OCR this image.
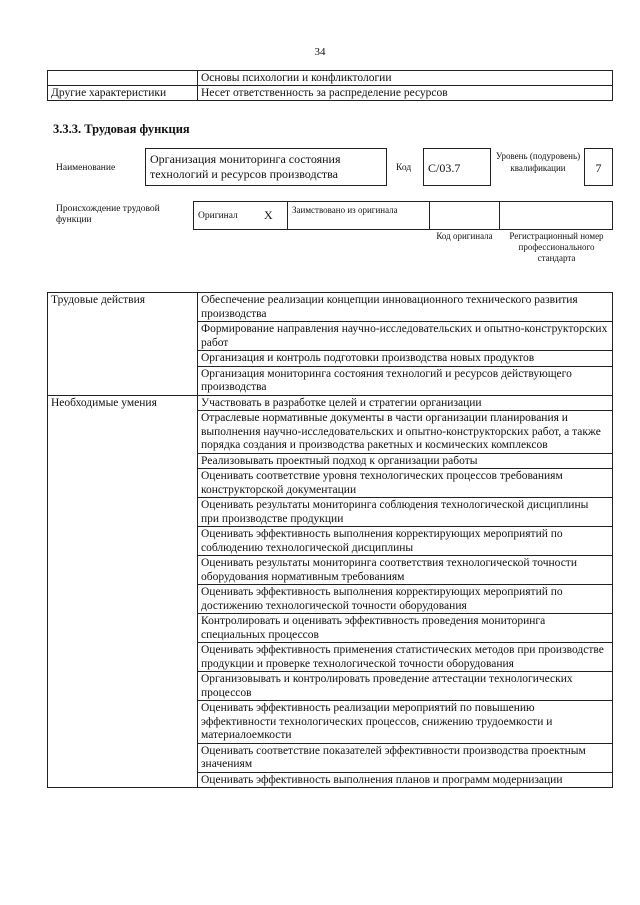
34
	Основы психологии и конфликтологии
Другие характеристики	Несет ответственность за распределение ресурсов
3.3.3. Трудовая функция
Наименование
Организация мониторинга состояния технологий и ресурсов производства	Код	С/03.7
Уровень (подуровень) квалификации	7
Происхождение трудовой функции	Оригинал X Заимствовано из оригинала
Код оригинала	Регистрационный номер профессионального стандарта
Трудовые действия	Обеспечение реализации концепции инновационного технического развития производства
	Формирование направления научно-исследовательских и опытно-конструкторских работ
	Организация и контроль подготовки производства новых продуктов
	Организация мониторинга состояния технологий и ресурсов действующего производства
Необходимые умения	Участвовать в разработке целей и стратегии организации
	Отраслевые нормативные документы в части организации планирования и выполнения научно-исследовательских и опытно-конструкторских работ, а также порядка создания и производства ракетных и космических комплексов
	Реализовывать проектный подход к организации работы
	Оценивать соответствие уровня технологических процессов требованиям конструкторской документации
	Оценивать результаты мониторинга соблюдения технологической дисциплины при производстве продукции
	Оценивать эффективность выполнения корректирующих мероприятий по соблюдению технологической дисциплины
	Оценивать результаты мониторинга соответствия технологической точности оборудования нормативным требованиям
	Оценивать эффективность выполнения корректирующих мероприятий по достижению технологической точности оборудования
	Контролировать и оценивать эффективность проведения мониторинга специальных процессов
	Оценивать эффективность применения статистических методов при производстве продукции и проверке технологической точности оборудования
	Организовывать и контролировать проведение аттестации технологических процессов
	Оценивать эффективность реализации мероприятий по повышению эффективности технологических процессов, снижению трудоемкости и материалоемкости
	Оценивать соответствие показателей эффективности производства проектным значениям
	Оценивать эффективность выполнения планов и программ модернизации
